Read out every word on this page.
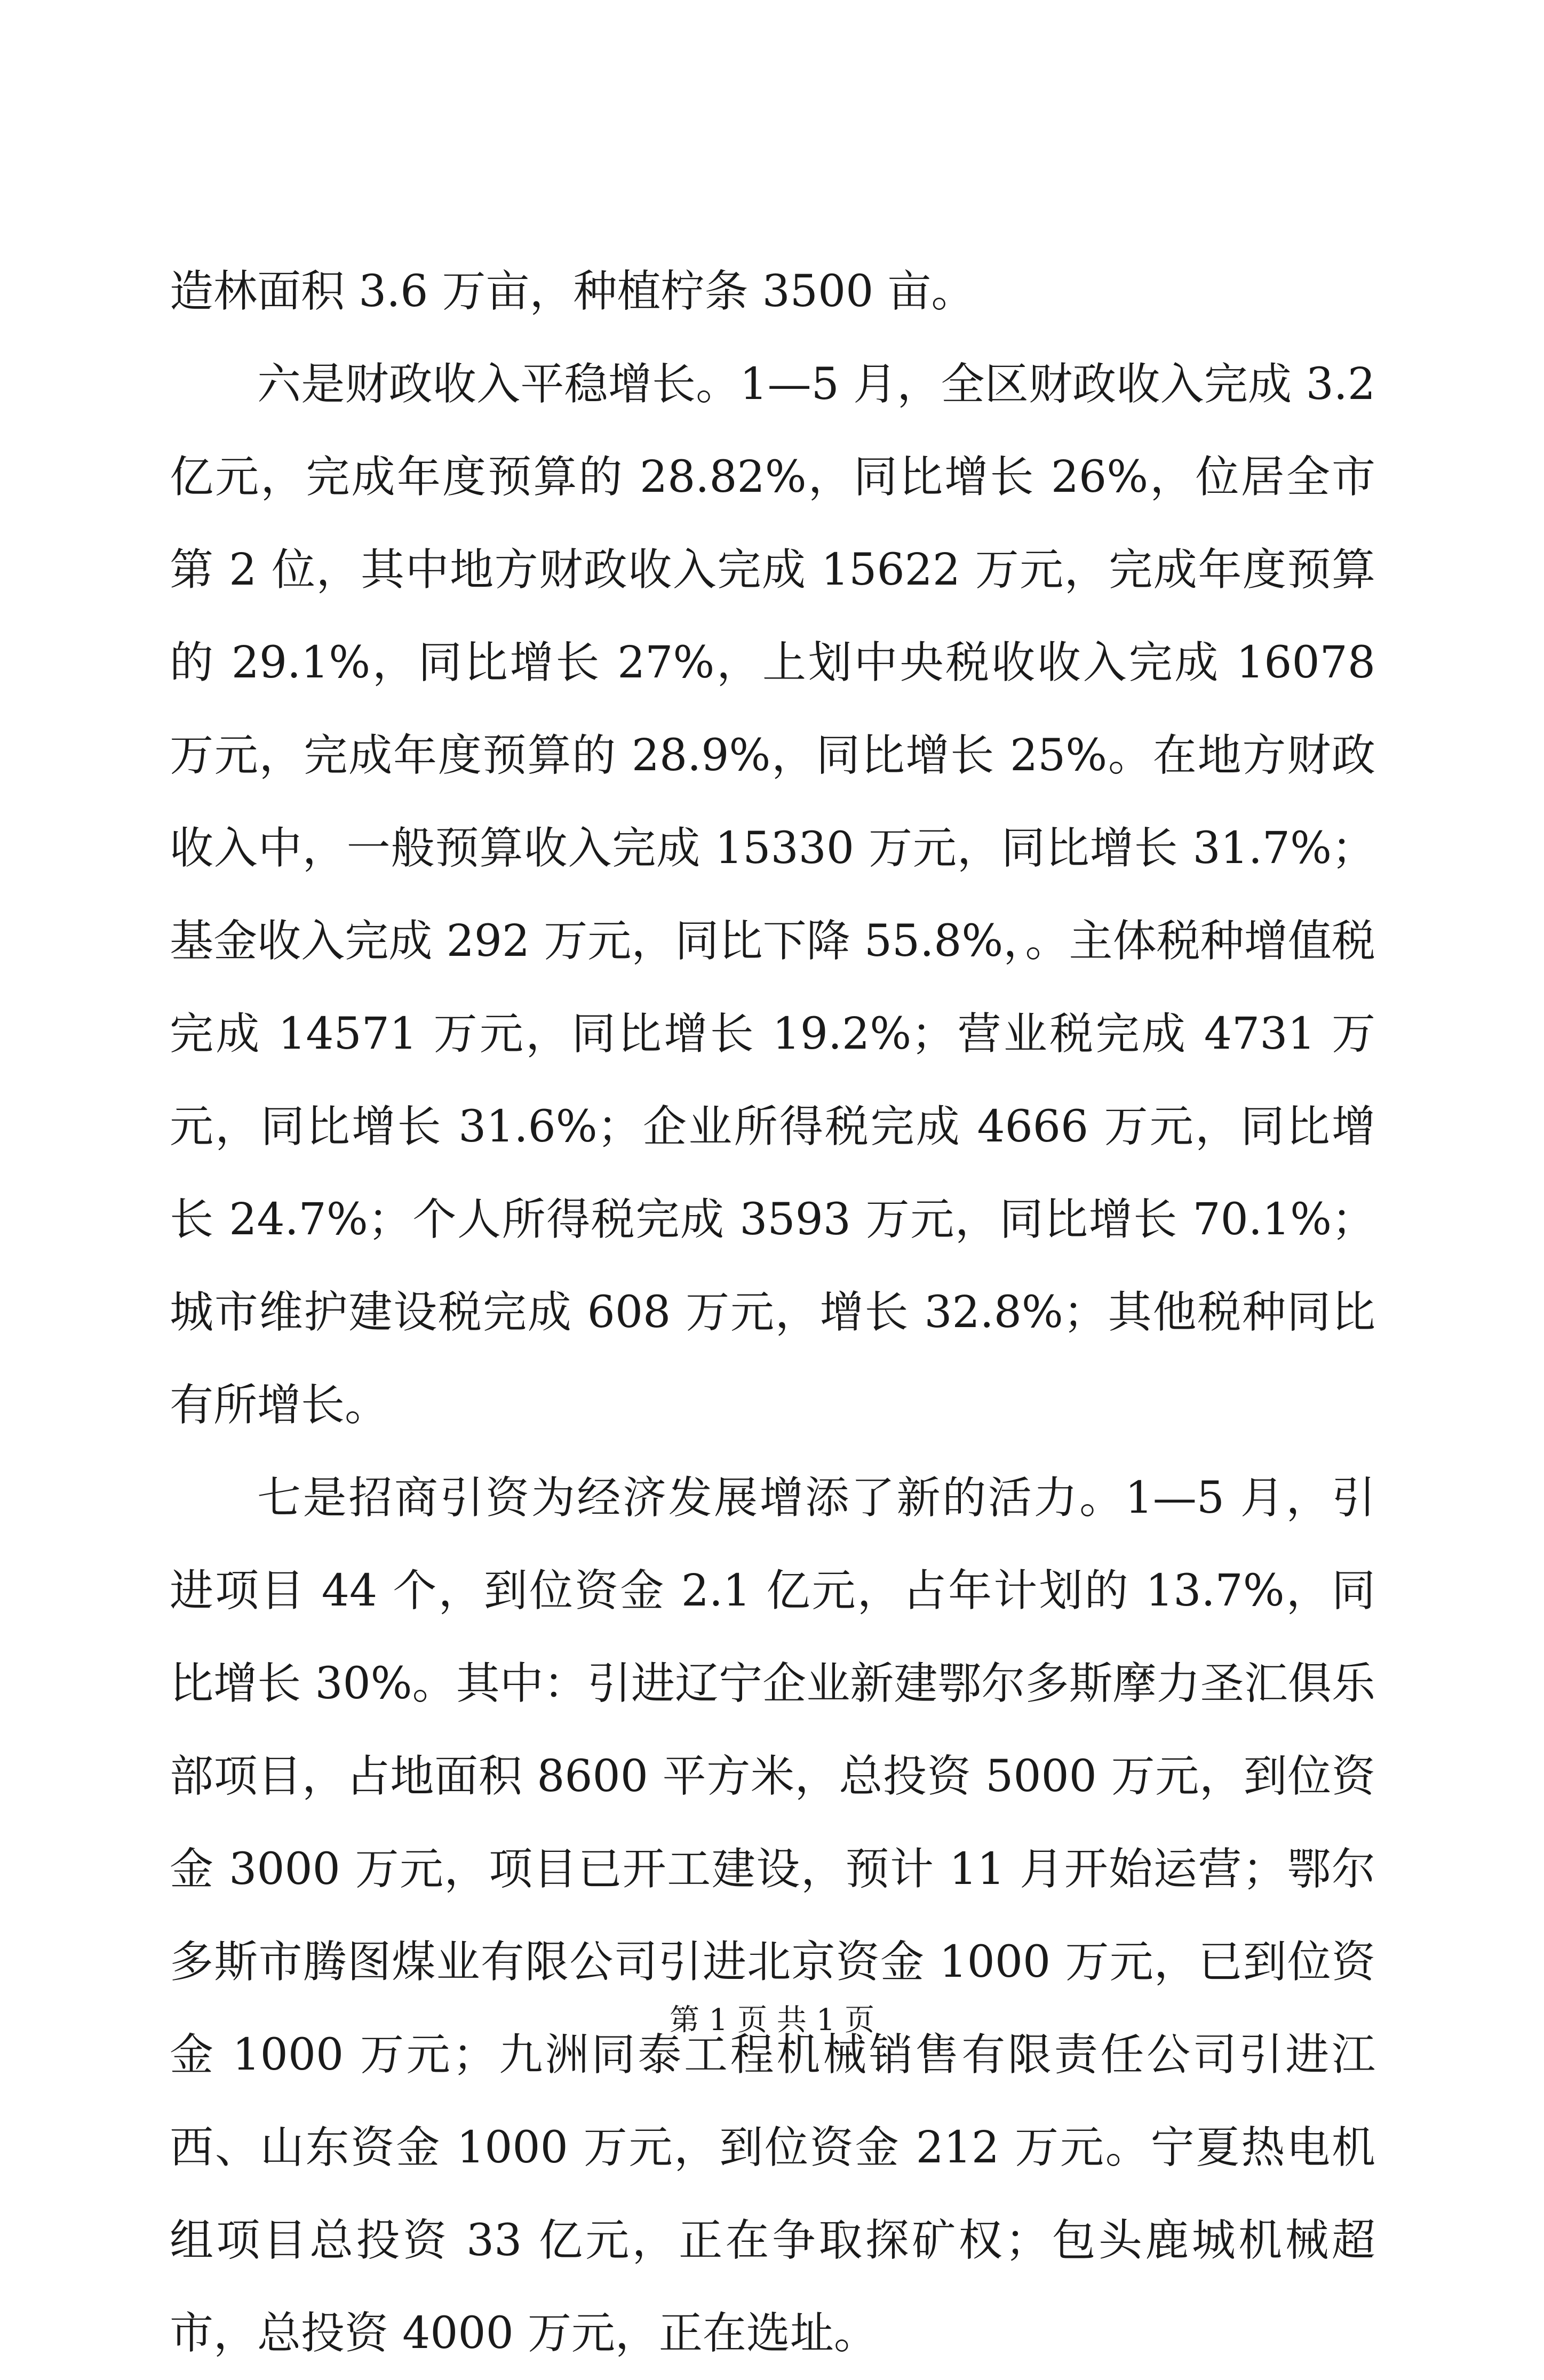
造林面积 3.6 万亩，种植柠条 3500 亩。

六是财政收入平稳增长。1—5 月，全区财政收入完成 3.2 亿元，完成年度预算的 28.82%，同比增长 26%，位居全市第 2 位，其中地方财政收入完成 15622 万元，完成年度预算的 29.1%，同比增长 27%，上划中央税收收入完成 16078 万元，完成年度预算的 28.9%，同比增长 25%。在地方财政收入中，一般预算收入完成 15330 万元，同比增长 31.7%；基金收入完成 292 万元，同比下降 55.8%，。主体税种增值税完成 14571 万元，同比增长 19.2%；营业税完成 4731 万元，同比增长 31.6%；企业所得税完成 4666 万元，同比增长 24.7%；个人所得税完成 3593 万元，同比增长 70.1%；城市维护建设税完成 608 万元，增长 32.8%；其他税种同比有所增长。

七是招商引资为经济发展增添了新的活力。1—5 月，引进项目 44 个，到位资金 2.1 亿元，占年计划的 13.7%，同比增长 30%。其中：引进辽宁企业新建鄂尔多斯摩力圣汇俱乐部项目，占地面积 8600 平方米，总投资 5000 万元，到位资金 3000 万元，项目已开工建设，预计 11 月开始运营；鄂尔多斯市腾图煤业有限公司引进北京资金 1000 万元，已到位资金 1000 万元；九洲同泰工程机械销售有限责任公司引进江西、山东资金 1000 万元，到位资金 212 万元。宁夏热电机组项目总投资 33 亿元，正在争取探矿权；包头鹿城机械超市，总投资 4000 万元，正在选址。

第 1 页 共 1 页
